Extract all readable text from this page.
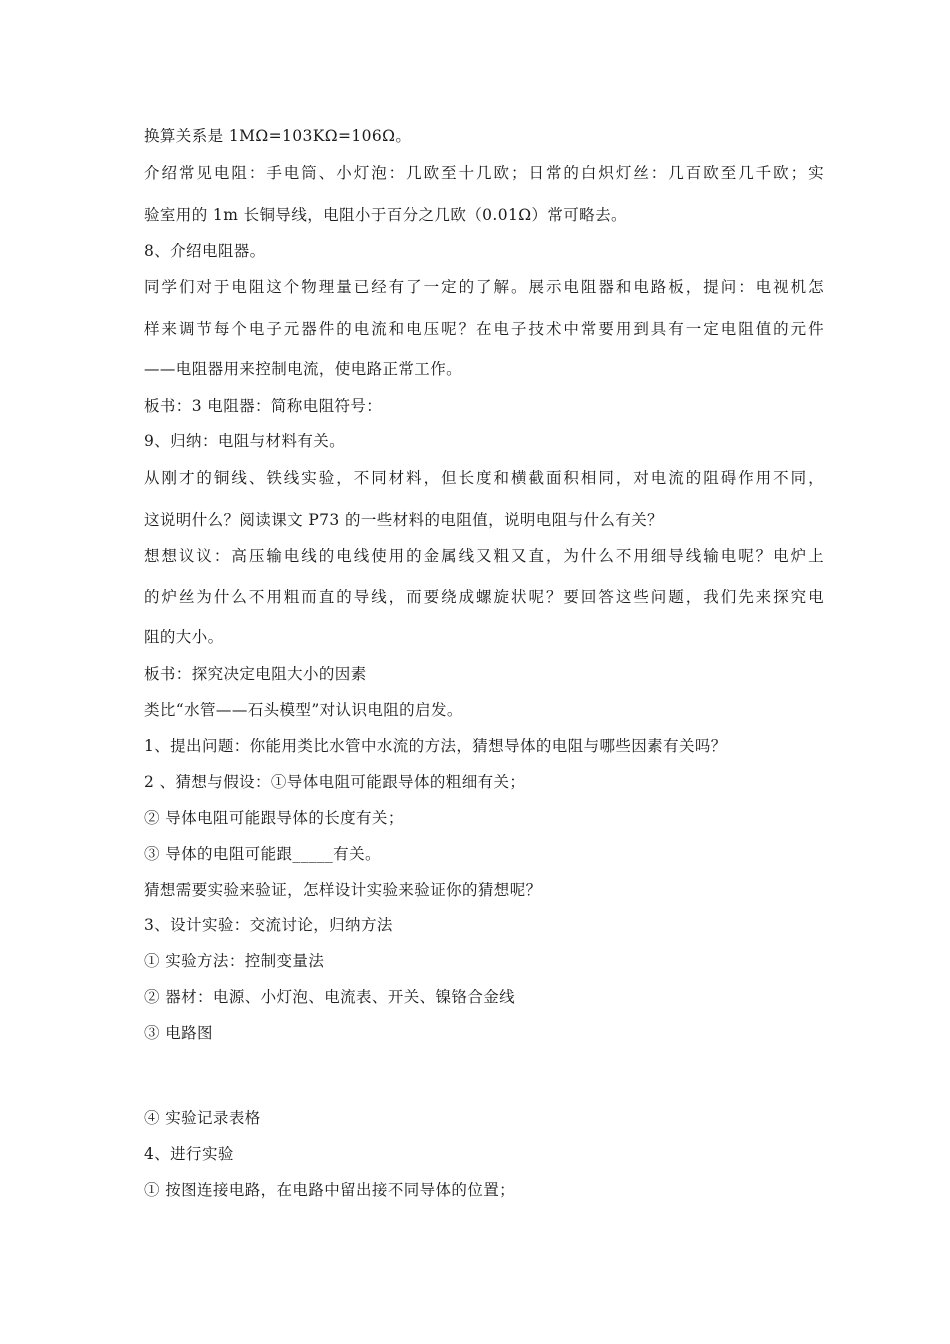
换算关系是 1MΩ=103KΩ=106Ω。
介绍常见电阻：手电筒、小灯泡：几欧至十几欧；日常的白炽灯丝：几百欧至几千欧；实
验室用的 1m 长铜导线，电阻小于百分之几欧（0.01Ω）常可略去。
8、介绍电阻器。
同学们对于电阻这个物理量已经有了一定的了解。展示电阻器和电路板，提问：电视机怎
样来调节每个电子元器件的电流和电压呢？在电子技术中常要用到具有一定电阻值的元件
——电阻器用来控制电流，使电路正常工作。
板书：3 电阻器：简称电阻符号：
9、归纳：电阻与材料有关。
从刚才的铜线、铁线实验，不同材料，但长度和横截面积相同，对电流的阻碍作用不同，
这说明什么？阅读课文 P73 的一些材料的电阻值，说明电阻与什么有关？
想想议议：高压输电线的电线使用的金属线又粗又直，为什么不用细导线输电呢？电炉上
的炉丝为什么不用粗而直的导线，而要绕成螺旋状呢？要回答这些问题，我们先来探究电
阻的大小。
板书：探究决定电阻大小的因素
类比“水管——石头模型”对认识电阻的启发。
1、提出问题：你能用类比水管中水流的方法，猜想导体的电阻与哪些因素有关吗？
2 、猜想与假设：①导体电阻可能跟导体的粗细有关；
② 导体电阻可能跟导体的长度有关；
③ 导体的电阻可能跟_____有关。
猜想需要实验来验证，怎样设计实验来验证你的猜想呢？
3、设计实验：交流讨论，归纳方法
① 实验方法：控制变量法
② 器材：电源、小灯泡、电流表、开关、镍铬合金线
③ 电路图
④ 实验记录表格
4、进行实验
① 按图连接电路，在电路中留出接不同导体的位置；
